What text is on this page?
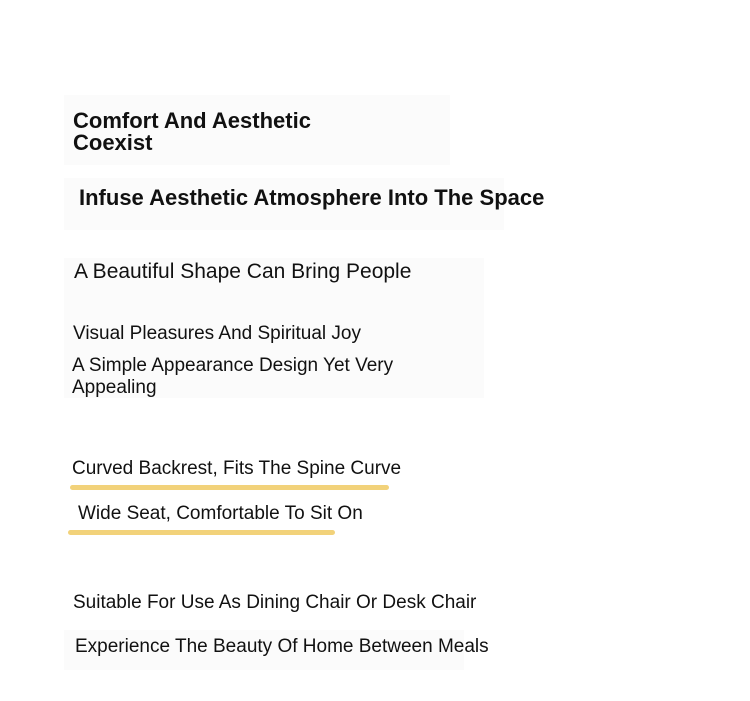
Comfort And Aesthetic Coexist
Infuse Aesthetic Atmosphere Into The Space

A Beautiful Shape Can Bring People

Visual Pleasures And Spiritual Joy

A Simple Appearance Design Yet Very Appealing

Curved Backrest, Fits The Spine Curve

Wide Seat, Comfortable To Sit On

Suitable For Use As Dining Chair Or Desk Chair

Experience The Beauty Of Home Between Meals
